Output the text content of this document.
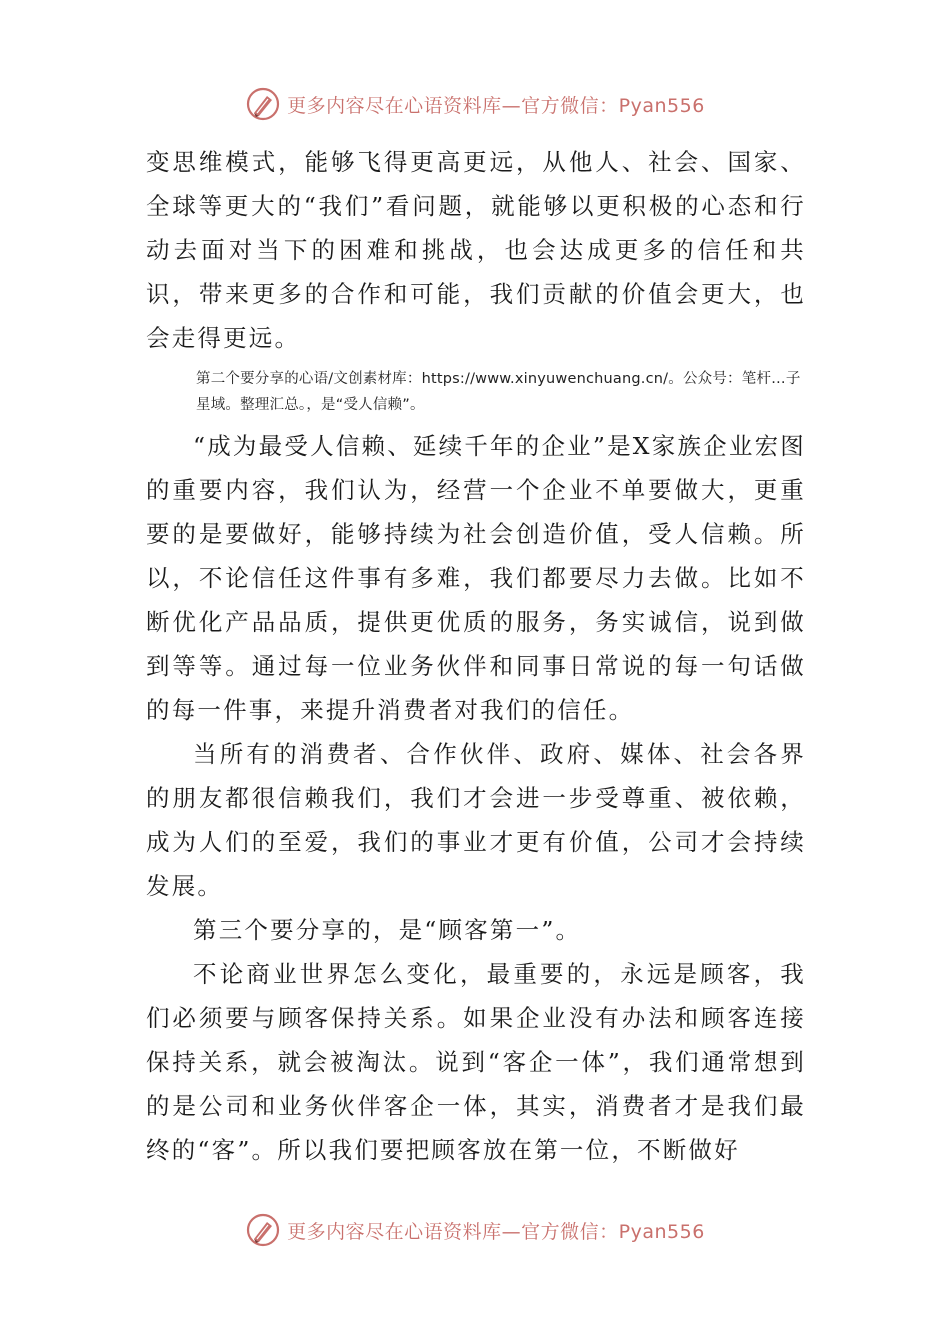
更多内容尽在心语资料库—官方微信：Pyan556

变思维模式，能够飞得更高更远，从他人、社会、国家、全球等更大的“我们”看问题，就能够以更积极的心态和行动去面对当下的困难和挑战，也会达成更多的信任和共识，带来更多的合作和可能，我们贡献的价值会更大，也会走得更远。

第二个要分享的心语/文创素材库：https://www.xinyuwenchuang.cn/。公众号：笔杆…子星域。整理汇总。，是“受人信赖”。

“成为最受人信赖、延续千年的企业”是X家族企业宏图的重要内容，我们认为，经营一个企业不单要做大，更重要的是要做好，能够持续为社会创造价值，受人信赖。所以，不论信任这件事有多难，我们都要尽力去做。比如不断优化产品品质，提供更优质的服务，务实诚信，说到做到等等。通过每一位业务伙伴和同事日常说的每一句话做的每一件事，来提升消费者对我们的信任。

当所有的消费者、合作伙伴、政府、媒体、社会各界的朋友都很信赖我们，我们才会进一步受尊重、被依赖，成为人们的至爱，我们的事业才更有价值，公司才会持续发展。

第三个要分享的，是“顾客第一”。

不论商业世界怎么变化，最重要的，永远是顾客，我们必须要与顾客保持关系。如果企业没有办法和顾客连接保持关系，就会被淘汰。说到“客企一体”，我们通常想到的是公司和业务伙伴客企一体，其实，消费者才是我们最终的“客”。所以我们要把顾客放在第一位，不断做好

更多内容尽在心语资料库—官方微信：Pyan556
